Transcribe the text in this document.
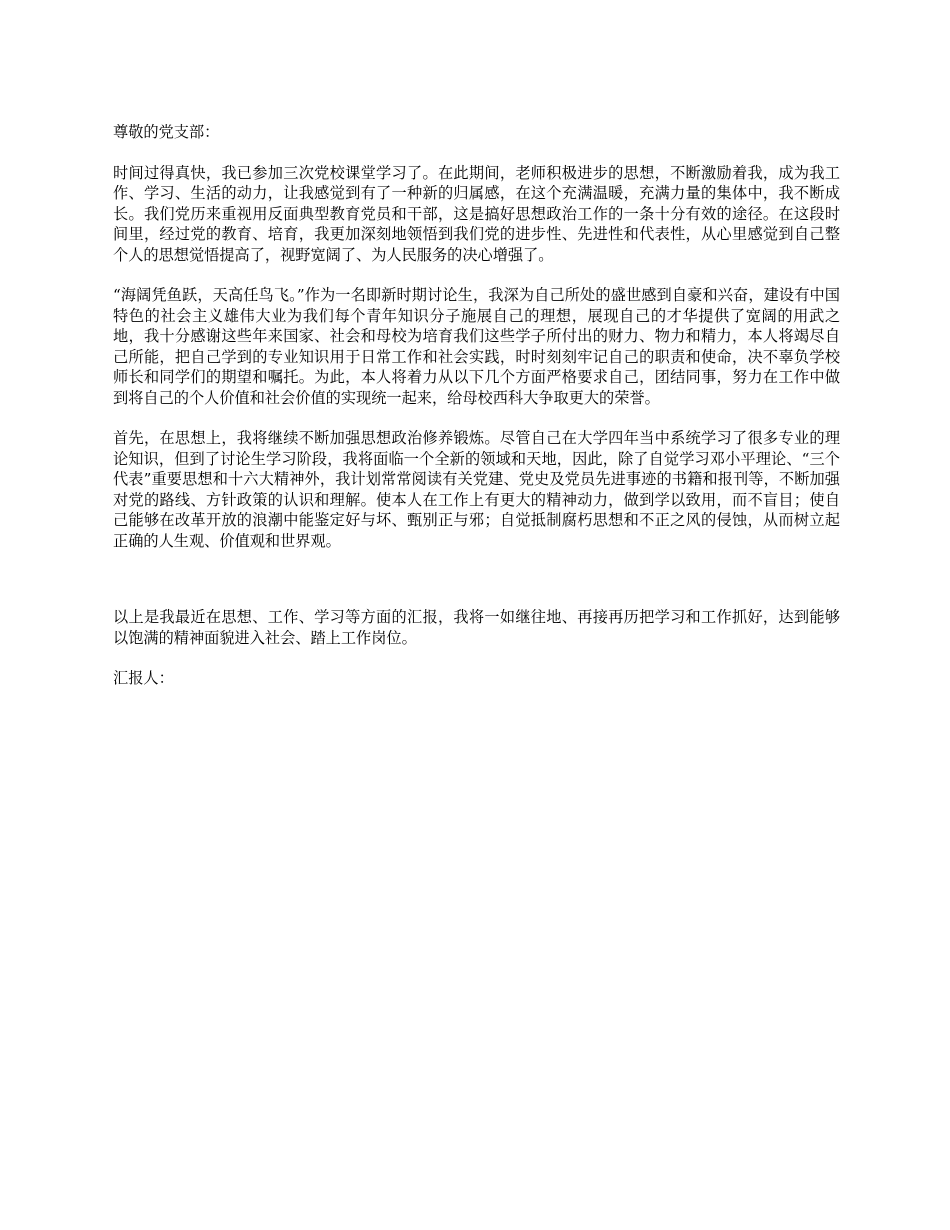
尊敬的党支部：

时间过得真快，我已参加三次党校课堂学习了。在此期间，老师积极进步的思想，不断激励着我，成为我工作、学习、生活的动力，让我感觉到有了一种新的归属感，在这个充满温暖，充满力量的集体中，我不断成长。我们党历来重视用反面典型教育党员和干部，这是搞好思想政治工作的一条十分有效的途径。在这段时间里，经过党的教育、培育，我更加深刻地领悟到我们党的进步性、先进性和代表性，从心里感觉到自己整个人的思想觉悟提高了，视野宽阔了、为人民服务的决心增强了。

“海阔凭鱼跃，天高任鸟飞。”作为一名即新时期讨论生，我深为自己所处的盛世感到自豪和兴奋，建设有中国特色的社会主义雄伟大业为我们每个青年知识分子施展自己的理想，展现自己的才华提供了宽阔的用武之地，我十分感谢这些年来国家、社会和母校为培育我们这些学子所付出的财力、物力和精力，本人将竭尽自己所能，把自己学到的专业知识用于日常工作和社会实践，时时刻刻牢记自己的职责和使命，决不辜负学校师长和同学们的期望和嘱托。为此，本人将着力从以下几个方面严格要求自己，团结同事，努力在工作中做到将自己的个人价值和社会价值的实现统一起来，给母校西科大争取更大的荣誉。

首先，在思想上，我将继续不断加强思想政治修养锻炼。尽管自己在大学四年当中系统学习了很多专业的理论知识，但到了讨论生学习阶段，我将面临一个全新的领域和天地，因此，除了自觉学习邓小平理论、“三个代表”重要思想和十六大精神外，我计划常常阅读有关党建、党史及党员先进事迹的书籍和报刊等，不断加强对党的路线、方针政策的认识和理解。使本人在工作上有更大的精神动力，做到学以致用，而不盲目；使自己能够在改革开放的浪潮中能鉴定好与坏、甄别正与邪；自觉抵制腐朽思想和不正之风的侵蚀，从而树立起正确的人生观、价值观和世界观。

以上是我最近在思想、工作、学习等方面的汇报，我将一如继往地、再接再历把学习和工作抓好，达到能够以饱满的精神面貌进入社会、踏上工作岗位。

汇报人：
